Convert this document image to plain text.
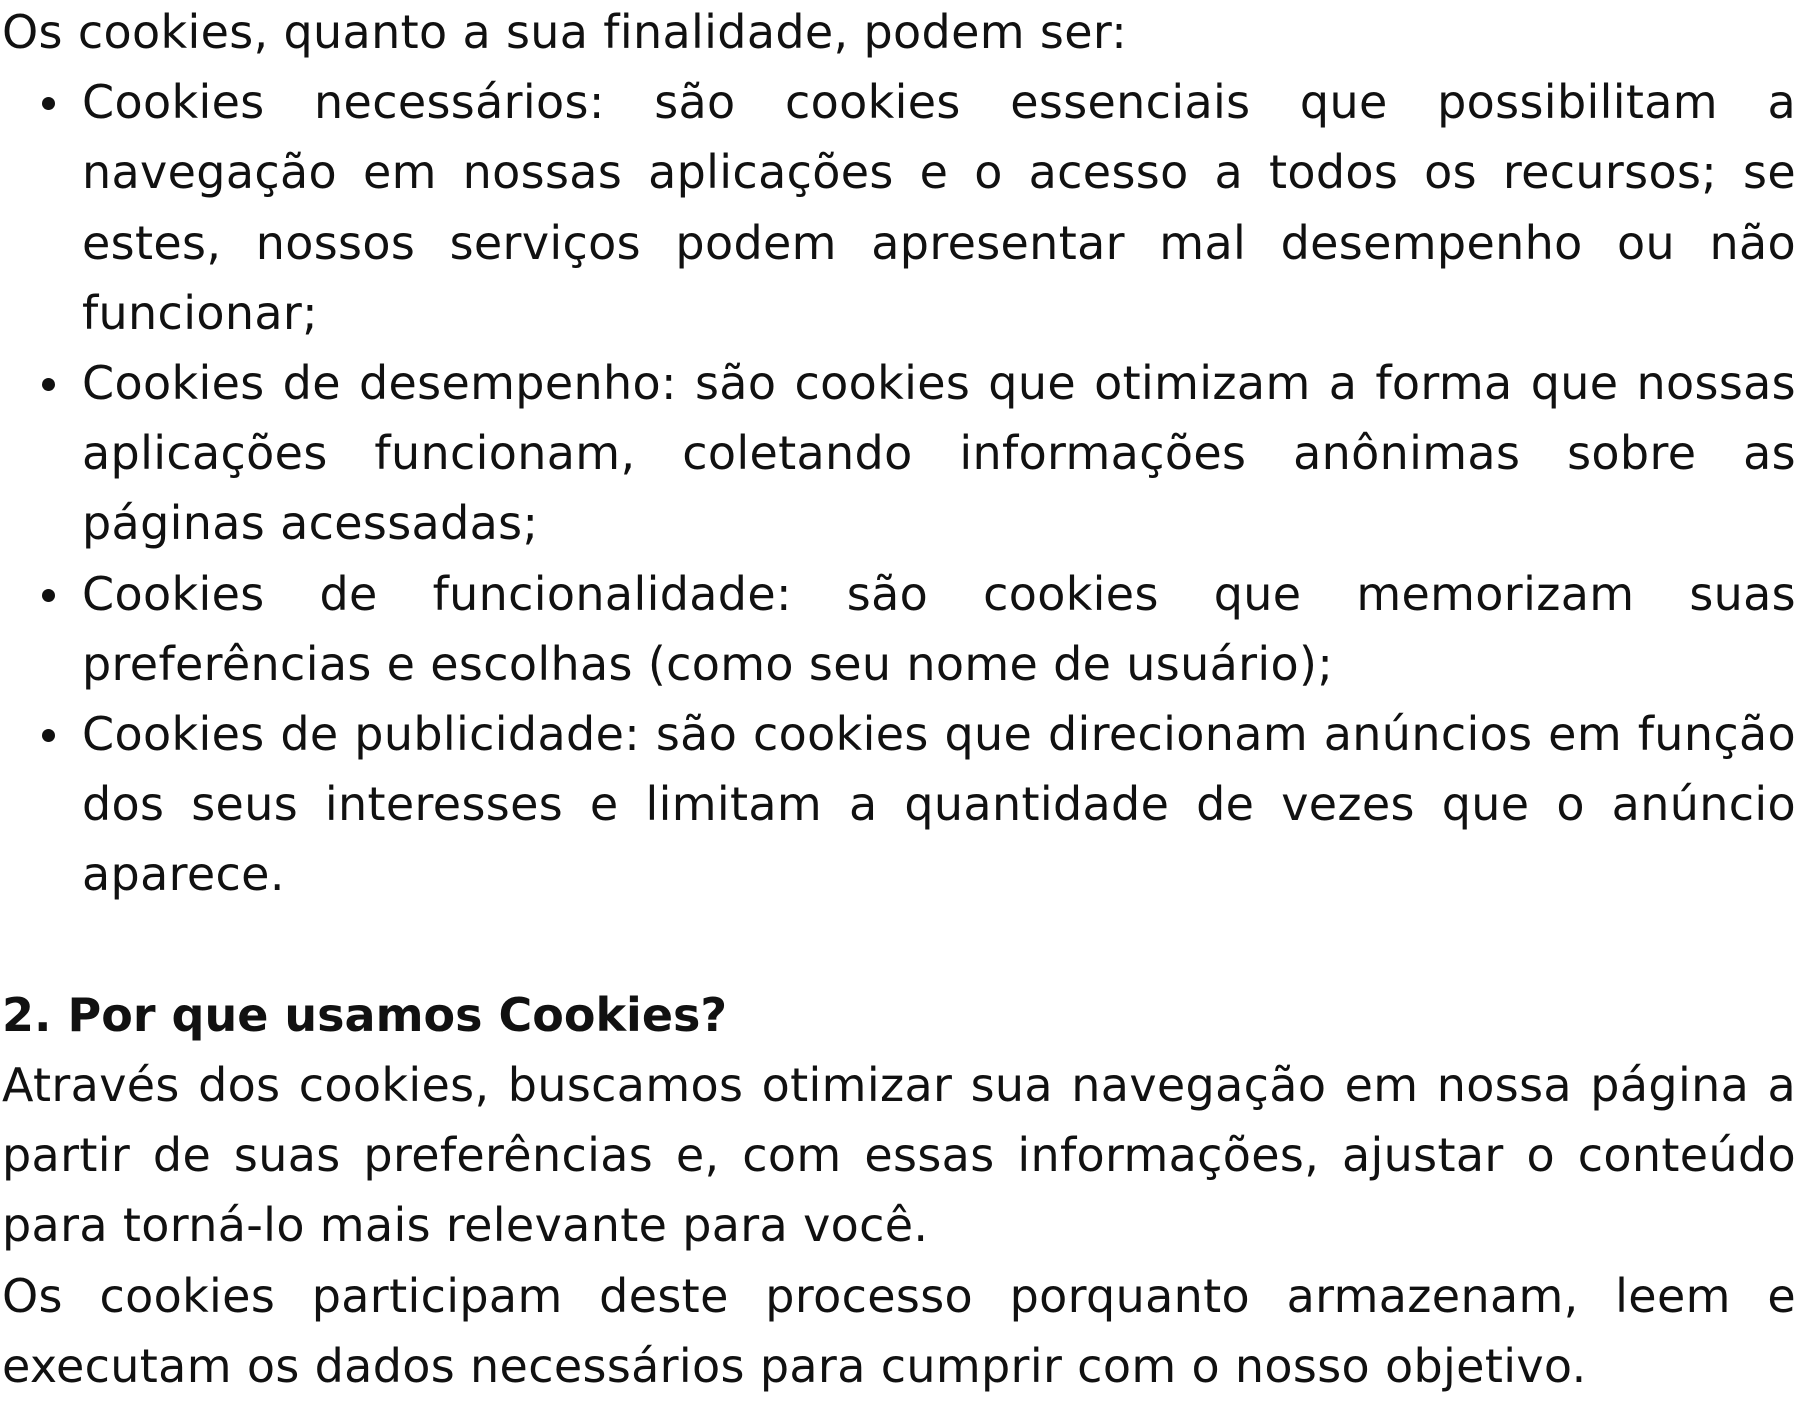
Os cookies, quanto a sua finalidade, podem ser:

Cookies necessários: são cookies essenciais que possibilitam a navegação em nossas aplicações e o acesso a todos os recursos; se estes, nossos serviços podem apresentar mal desempenho ou não funcionar;
Cookies de desempenho: são cookies que otimizam a forma que nossas aplicações funcionam, coletando informações anônimas sobre as páginas acessadas;
Cookies de funcionalidade: são cookies que memorizam suas preferências e escolhas (como seu nome de usuário);
Cookies de publicidade: são cookies que direcionam anúncios em função dos seus interesses e limitam a quantidade de vezes que o anúncio aparece.

2. Por que usamos Cookies?

Através dos cookies, buscamos otimizar sua navegação em nossa página a partir de suas preferências e, com essas informações, ajustar o conteúdo para torná-lo mais relevante para você.

Os cookies participam deste processo porquanto armazenam, leem e executam os dados necessários para cumprir com o nosso objetivo.
